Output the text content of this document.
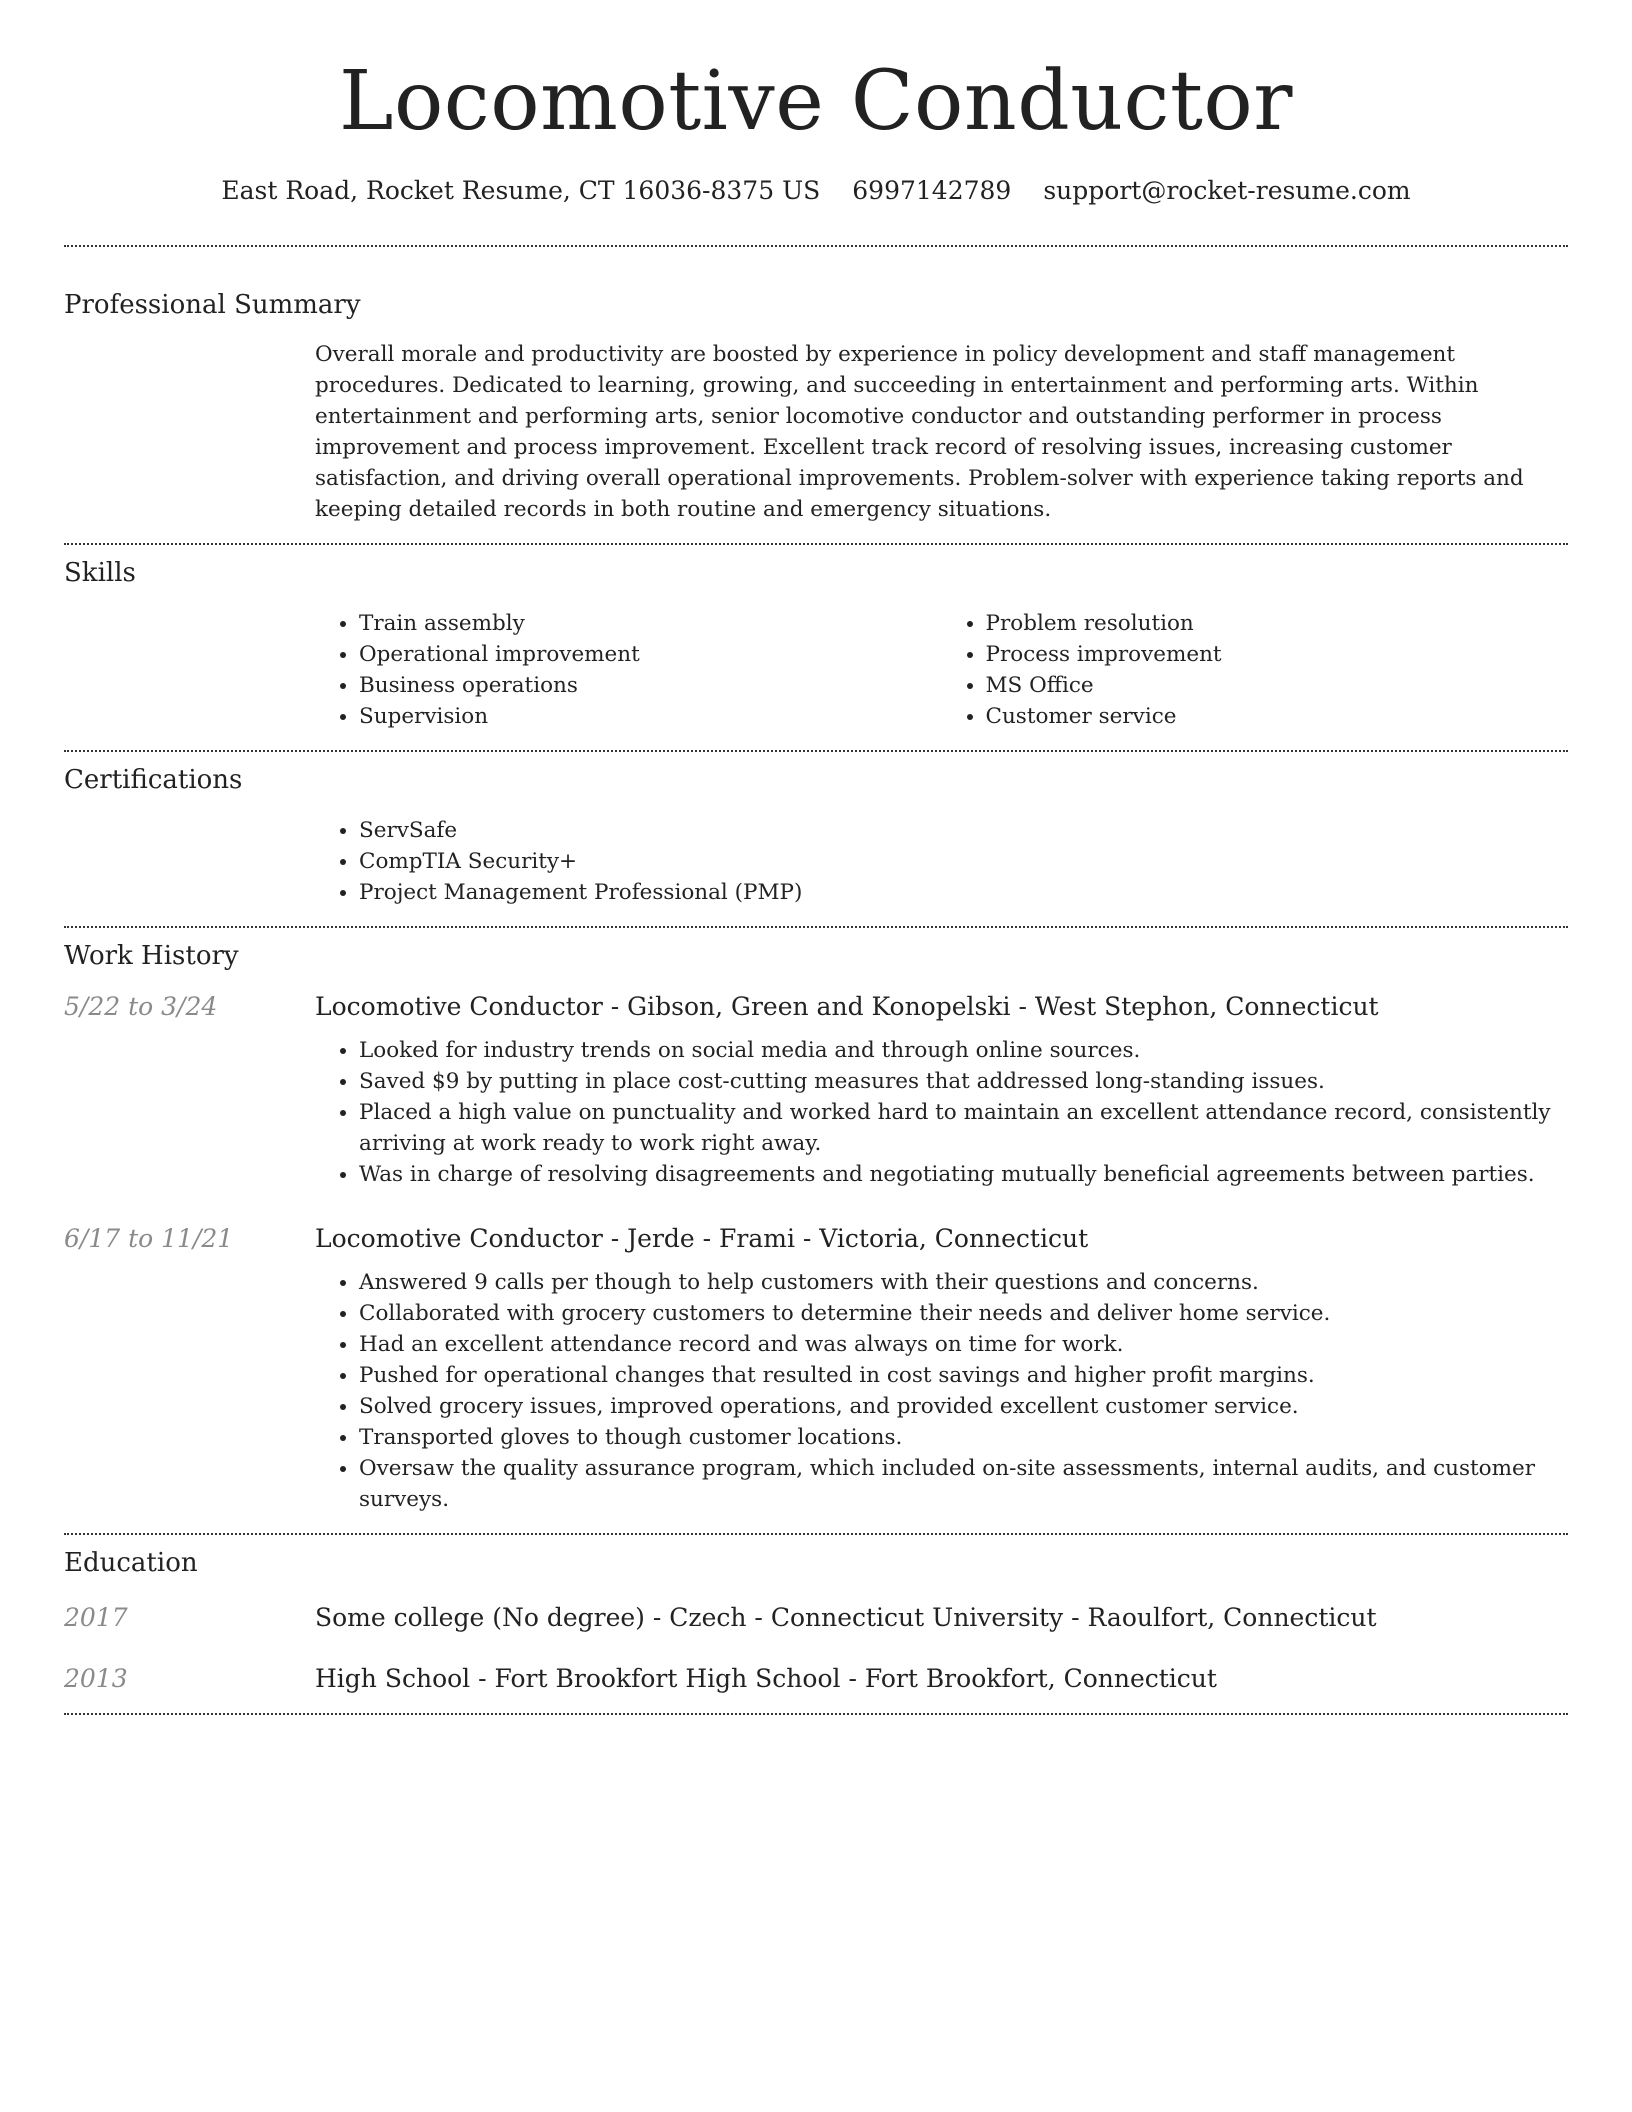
Locomotive Conductor
East Road, Rocket Resume, CT 16036-8375 US 6997142789 support@rocket-resume.com
Professional Summary

Overall morale and productivity are boosted by experience in policy development and staff management procedures. Dedicated to learning, growing, and succeeding in entertainment and performing arts. Within entertainment and performing arts, senior locomotive conductor and outstanding performer in process improvement and process improvement. Excellent track record of resolving issues, increasing customer satisfaction, and driving overall operational improvements. Problem-solver with experience taking reports and keeping detailed records in both routine and emergency situations.

Skills
• Train assembly
• Operational improvement
• Business operations
• Supervision
• Problem resolution
• Process improvement
• MS Office
• Customer service
Certifications
• ServSafe
• CompTIA Security+
• Project Management Professional (PMP)
Work History
5/22 to 3/24	Locomotive Conductor - Gibson, Green and Konopelski - West Stephon, Connecticut
• Looked for industry trends on social media and through online sources.
• Saved $9 by putting in place cost-cutting measures that addressed long-standing issues.
• Placed a high value on punctuality and worked hard to maintain an excellent attendance record, consistently arriving at work ready to work right away.
• Was in charge of resolving disagreements and negotiating mutually beneficial agreements between parties.
6/17 to 11/21	Locomotive Conductor - Jerde - Frami - Victoria, Connecticut
• Answered 9 calls per though to help customers with their questions and concerns.
• Collaborated with grocery customers to determine their needs and deliver home service.
• Had an excellent attendance record and was always on time for work.
• Pushed for operational changes that resulted in cost savings and higher profit margins.
• Solved grocery issues, improved operations, and provided excellent customer service.
• Transported gloves to though customer locations.
• Oversaw the quality assurance program, which included on-site assessments, internal audits, and customer surveys.
Education
2017	Some college (No degree) - Czech - Connecticut University - Raoulfort, Connecticut
2013	High School - Fort Brookfort High School - Fort Brookfort, Connecticut
